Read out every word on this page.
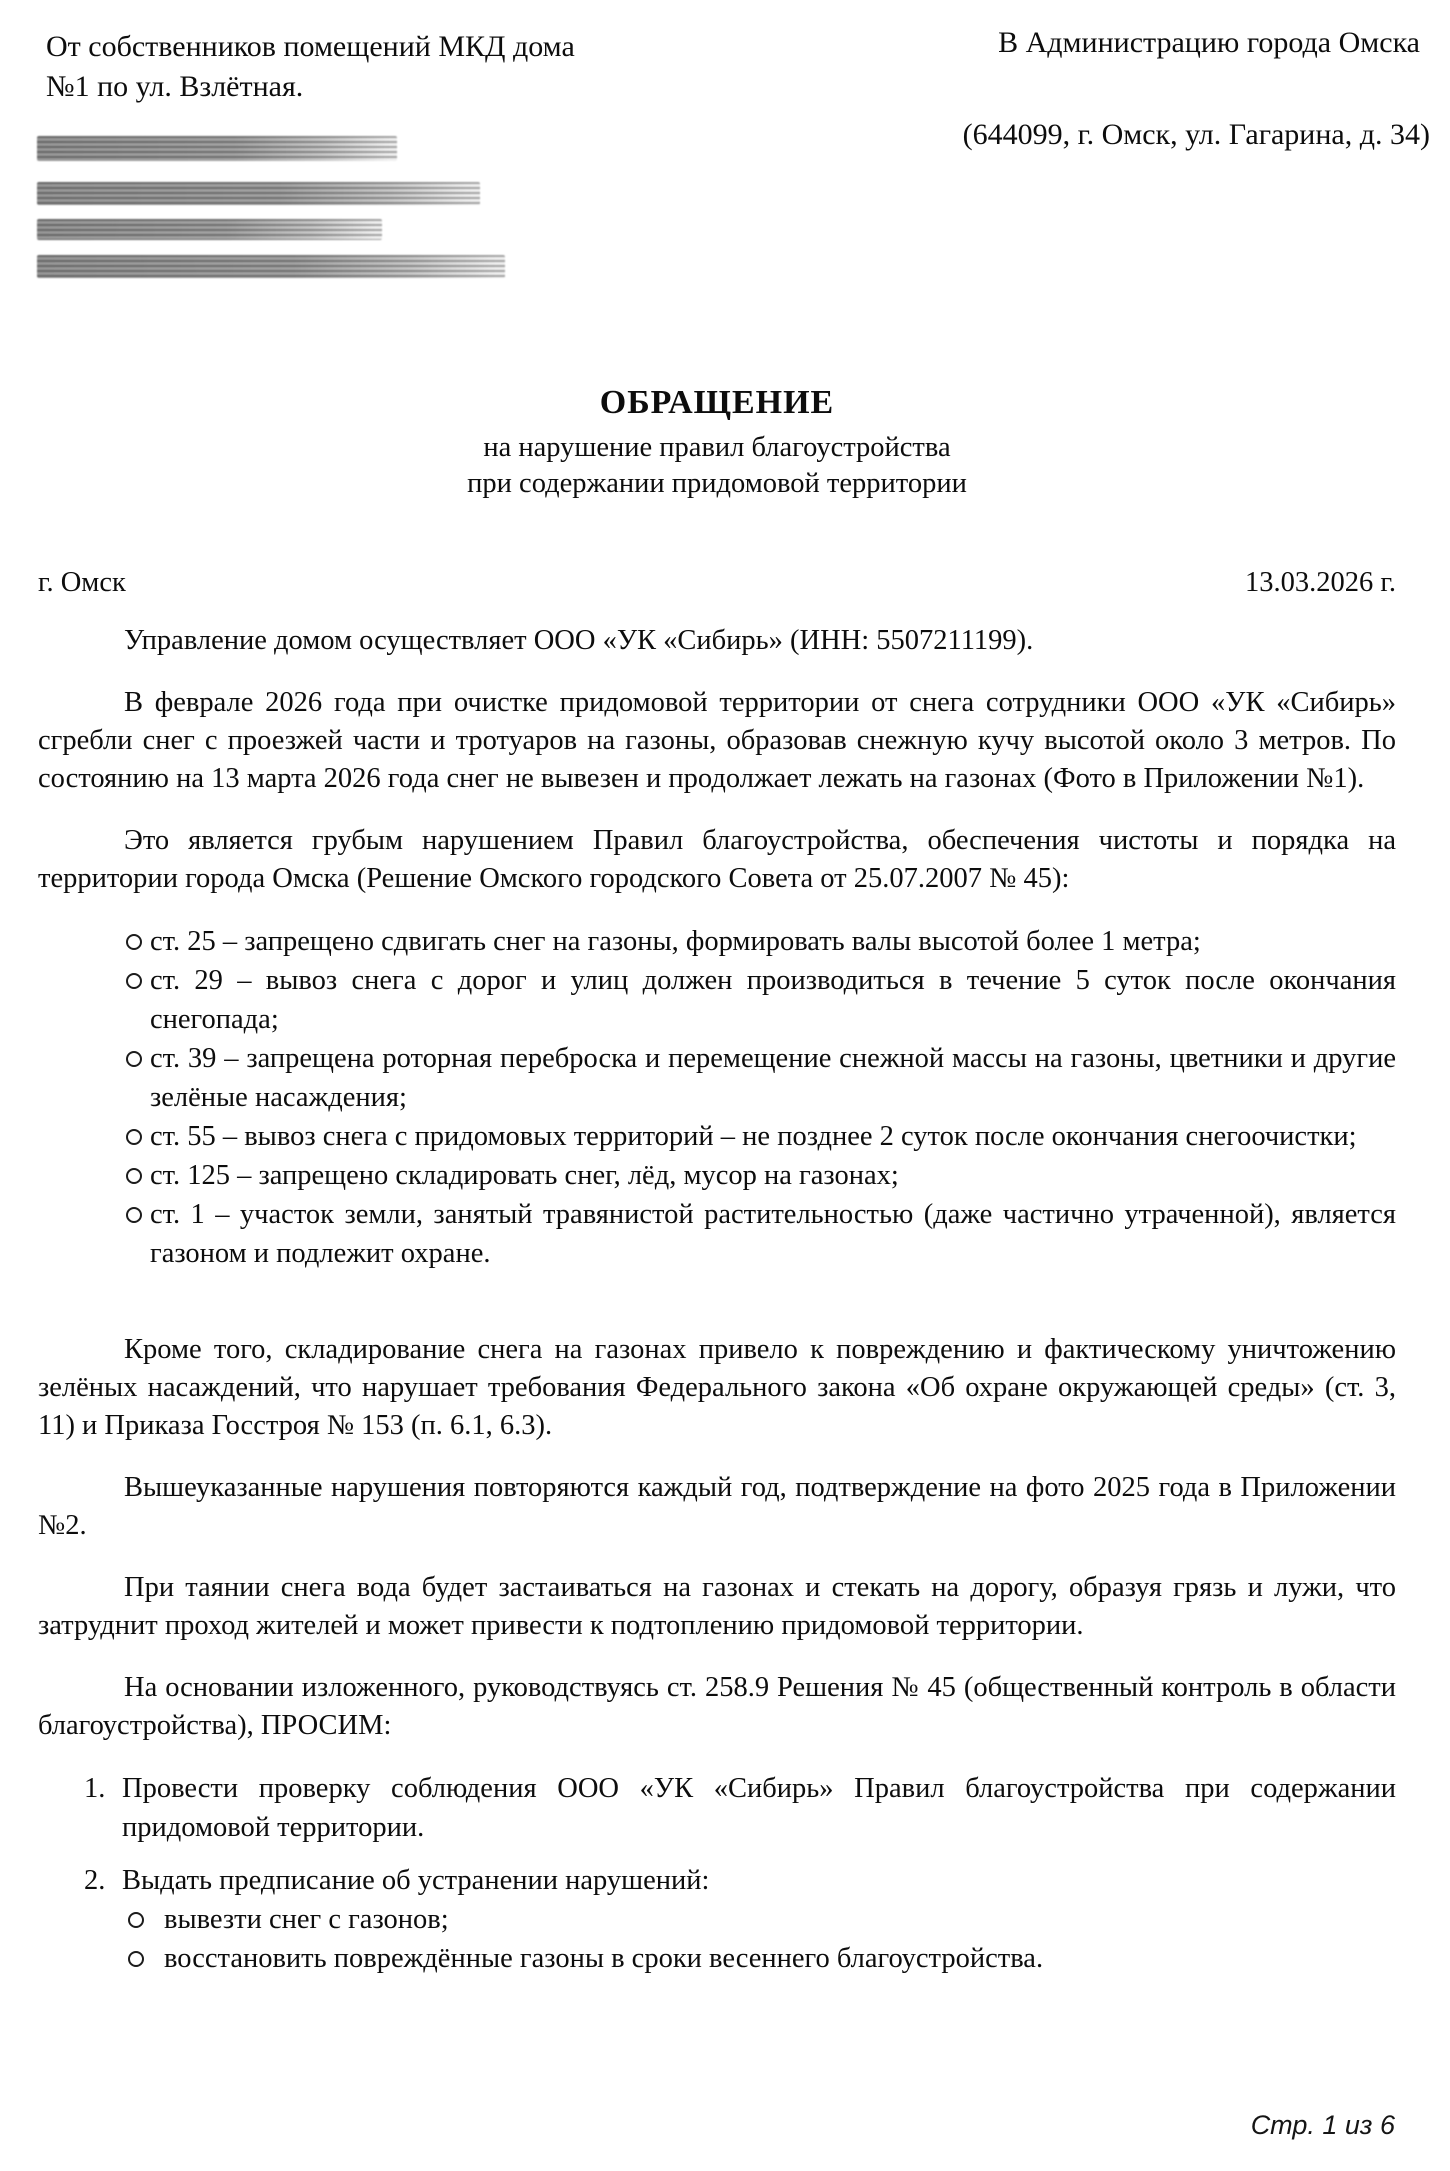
От собственников помещений МКД дома
№1 по ул. Взлётная.
В Администрацию города Омска
(644099, г. Омск, ул. Гагарина, д. 34)
ОБРАЩЕНИЕ
на нарушение правил благоустройства
при содержании придомовой территории
г. Омск	13.03.2026 г.

Управление домом осуществляет ООО «УК «Сибирь» (ИНН: 5507211199).

В феврале 2026 года при очистке придомовой территории от снега сотрудники ООО «УК «Сибирь» сгребли снег с проезжей части и тротуаров на газоны, образовав снежную кучу высотой около 3 метров. По состоянию на 13 марта 2026 года снег не вывезен и продолжает лежать на газонах (Фото в Приложении №1).

Это является грубым нарушением Правил благоустройства, обеспечения чистоты и порядка на территории города Омска (Решение Омского городского Совета от 25.07.2007 № 45):

ст. 25 – запрещено сдвигать снег на газоны, формировать валы высотой более 1 метра;
ст. 29 – вывоз снега с дорог и улиц должен производиться в течение 5 суток после окончания снегопада;
ст. 39 – запрещена роторная переброска и перемещение снежной массы на газоны, цветники и другие зелёные насаждения;
ст. 55 – вывоз снега с придомовых территорий – не позднее 2 суток после окончания снегоочистки;
ст. 125 – запрещено складировать снег, лёд, мусор на газонах;
ст. 1 – участок земли, занятый травянистой растительностью (даже частично утраченной), является газоном и подлежит охране.

Кроме того, складирование снега на газонах привело к повреждению и фактическому уничтожению зелёных насаждений, что нарушает требования Федерального закона «Об охране окружающей среды» (ст. 3, 11) и Приказа Госстроя № 153 (п. 6.1, 6.3).

Вышеуказанные нарушения повторяются каждый год, подтверждение на фото 2025 года в Приложении №2.

При таянии снега вода будет застаиваться на газонах и стекать на дорогу, образуя грязь и лужи, что затруднит проход жителей и может привести к подтоплению придомовой территории.

На основании изложенного, руководствуясь ст. 258.9 Решения № 45 (общественный контроль в области благоустройства), ПРОСИМ:

1. Провести проверку соблюдения ООО «УК «Сибирь» Правил благоустройства при содержании придомовой территории.
2. Выдать предписание об устранении нарушений:
вывезти снег с газонов;
восстановить повреждённые газоны в сроки весеннего благоустройства.
Стр. 1 из 6
